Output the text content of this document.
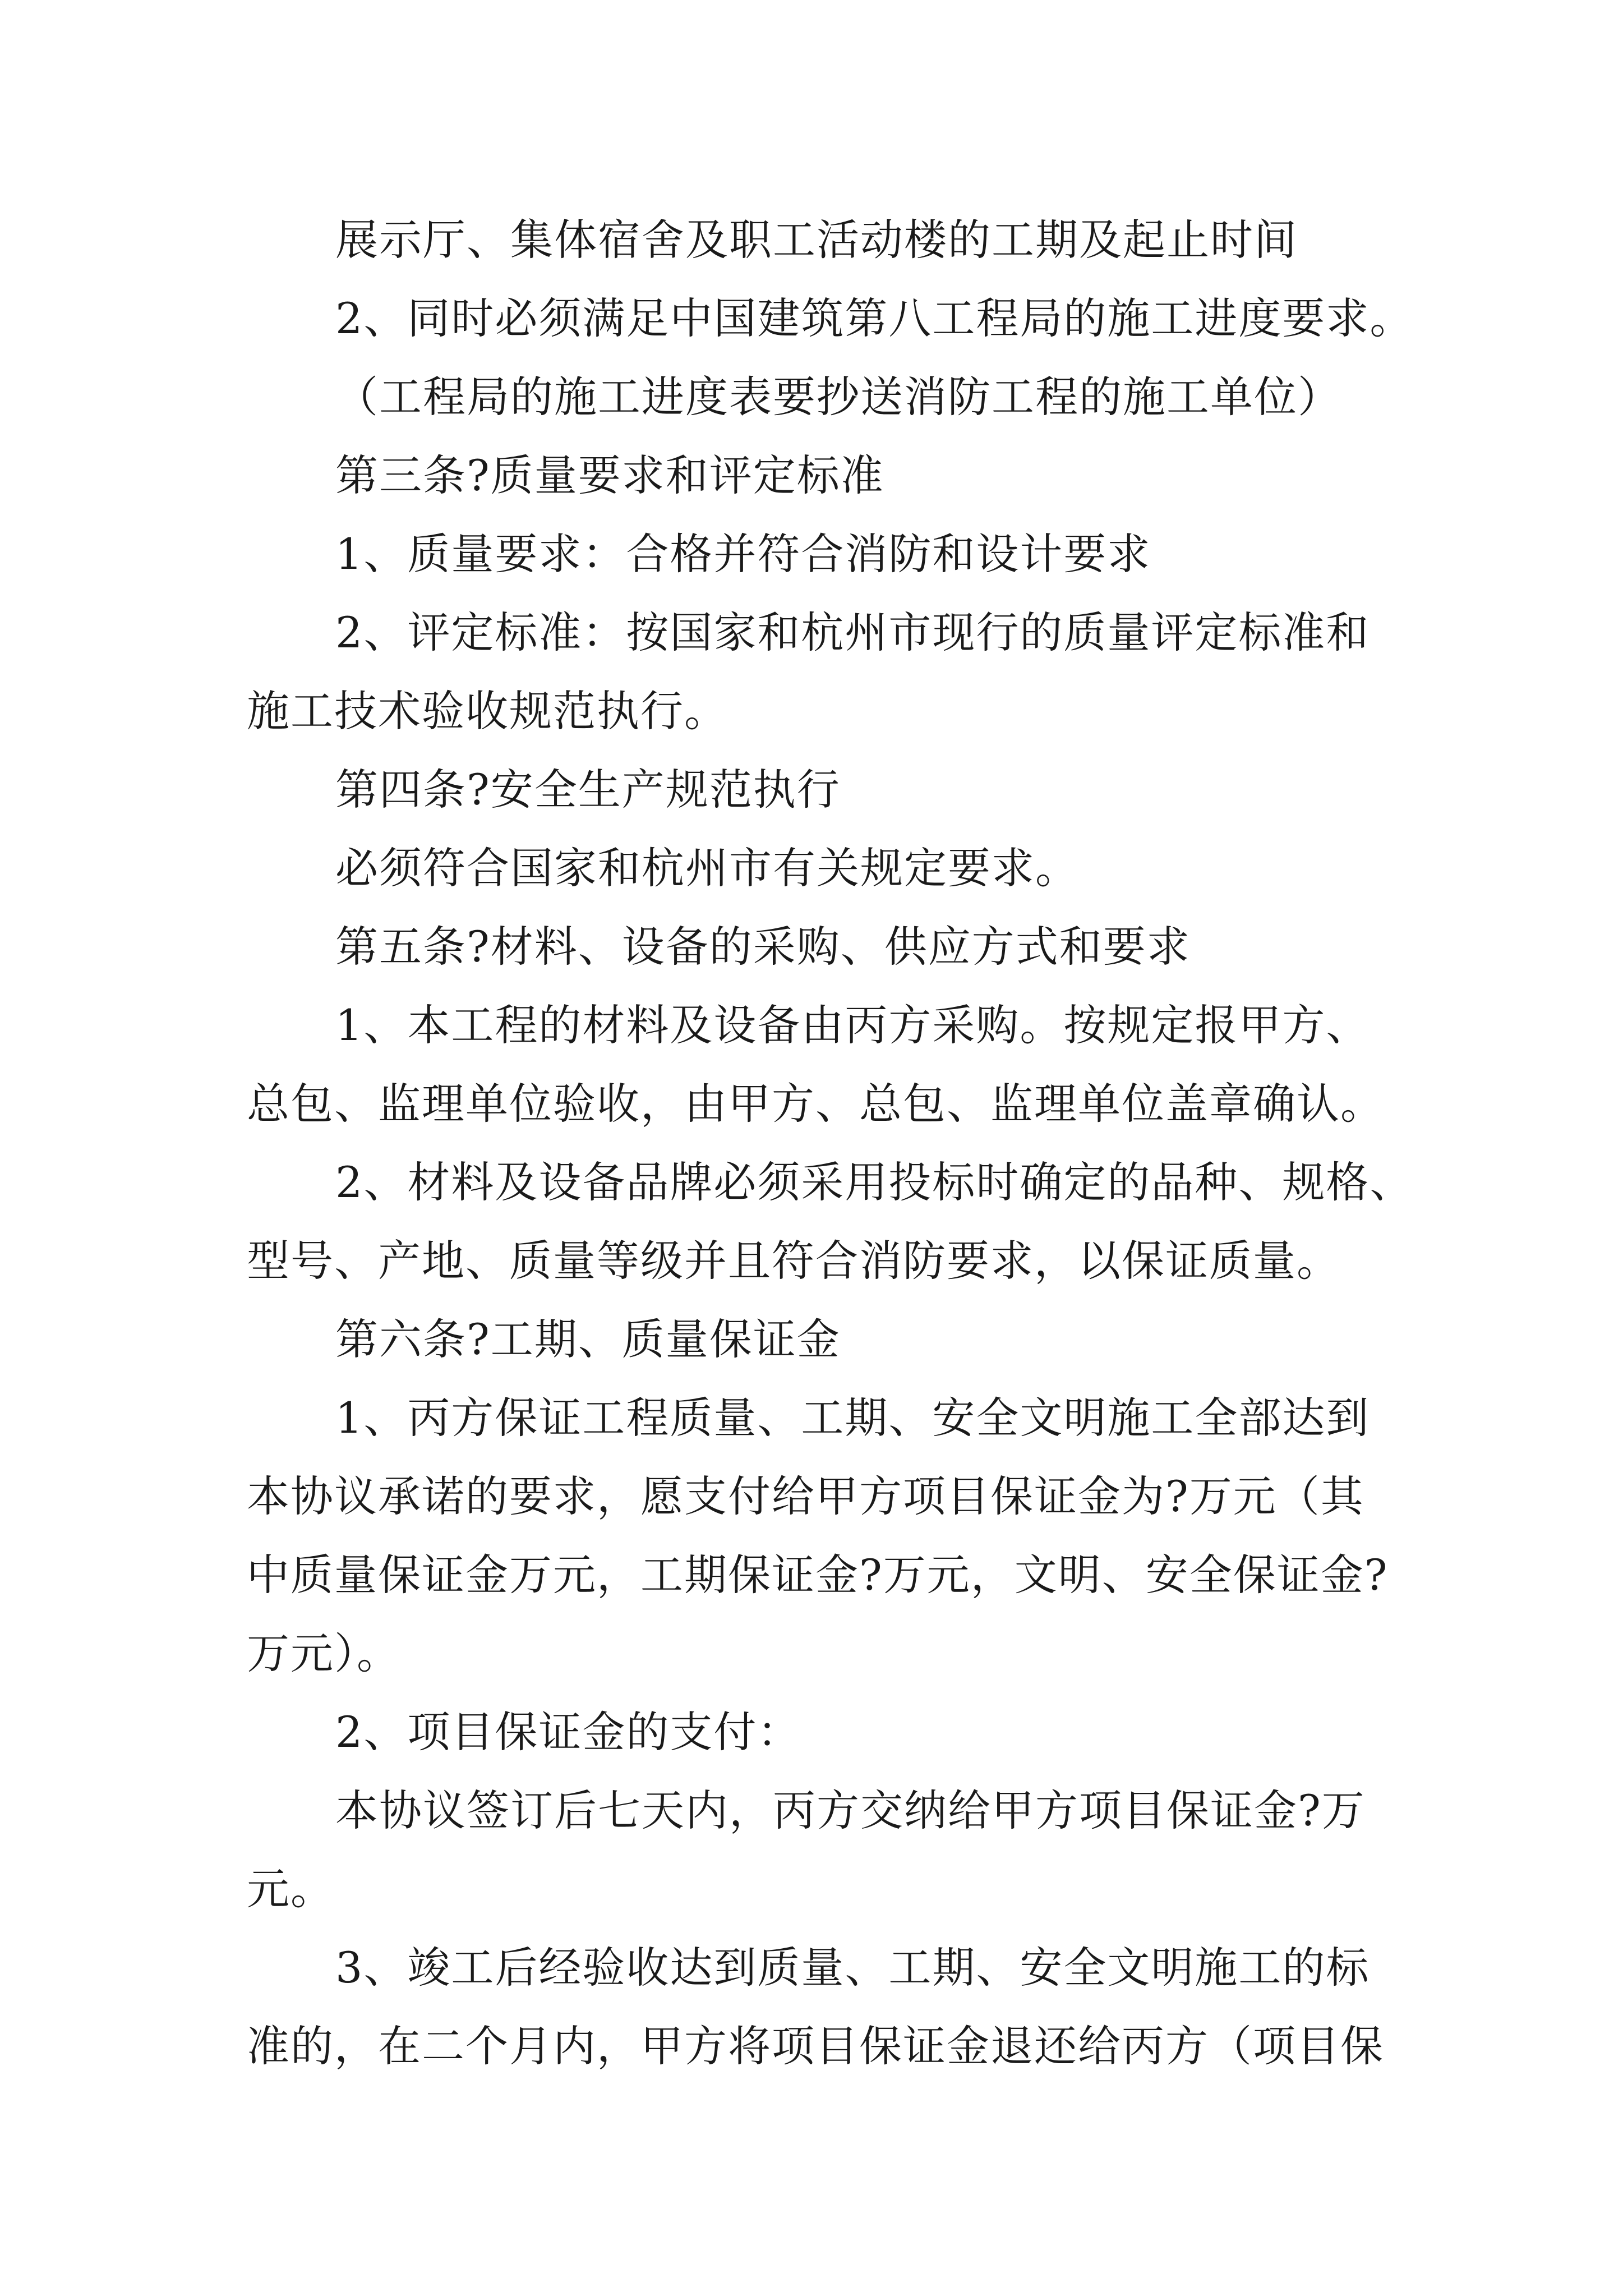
展示厅、集体宿舍及职工活动楼的工期及起止时间
2、同时必须满足中国建筑第八工程局的施工进度要求。
（工程局的施工进度表要抄送消防工程的施工单位）
第三条?质量要求和评定标准
1、质量要求：合格并符合消防和设计要求
2、评定标准：按国家和杭州市现行的质量评定标准和
施工技术验收规范执行。
第四条?安全生产规范执行
必须符合国家和杭州市有关规定要求。
第五条?材料、设备的采购、供应方式和要求
1、本工程的材料及设备由丙方采购。按规定报甲方、
总包、监理单位验收，由甲方、总包、监理单位盖章确认。
2、材料及设备品牌必须采用投标时确定的品种、规格、
型号、产地、质量等级并且符合消防要求，以保证质量。
第六条?工期、质量保证金
1、丙方保证工程质量、工期、安全文明施工全部达到
本协议承诺的要求，愿支付给甲方项目保证金为?万元（其
中质量保证金万元，工期保证金?万元，文明、安全保证金?
万元）。
2、项目保证金的支付：
本协议签订后七天内，丙方交纳给甲方项目保证金?万
元。
3、竣工后经验收达到质量、工期、安全文明施工的标
准的，在二个月内，甲方将项目保证金退还给丙方（项目保
